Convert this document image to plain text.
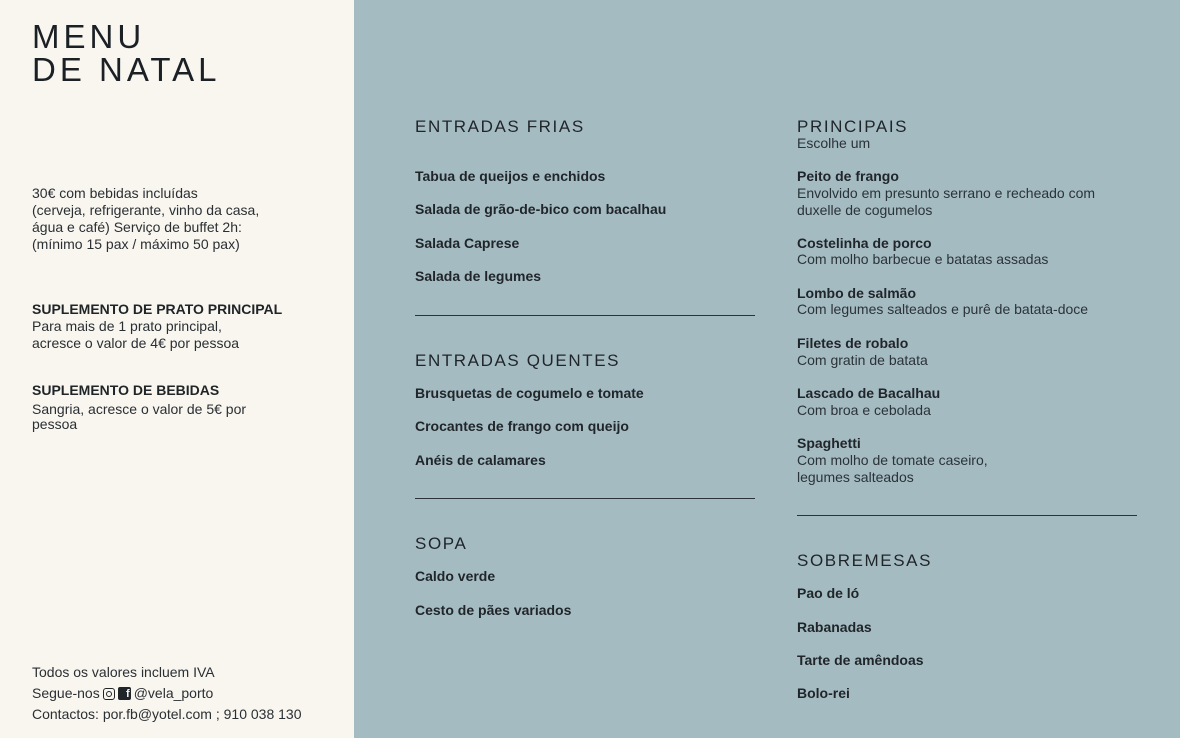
MENU
DE NATAL
30€ com bebidas incluídas
(cerveja, refrigerante, vinho da casa,
água e café) Serviço de buffet 2h:
(mínimo 15 pax / máximo 50 pax)
SUPLEMENTO DE PRATO PRINCIPAL
Para mais de 1 prato principal,
acresce o valor de 4€ por pessoa
SUPLEMENTO DE BEBIDAS
Sangria, acresce o valor de 5€ por
pessoa
Todos os valores incluem IVA
Segue-nos	f @vela_porto
Contactos: por.fb@yotel.com ; 910 038 130
ENTRADAS FRIAS
Tabua de queijos e enchidos
Salada de grão-de-bico com bacalhau
Salada Caprese
Salada de legumes
ENTRADAS QUENTES
Brusquetas de cogumelo e tomate
Crocantes de frango com queijo
Anéis de calamares
SOPA
Caldo verde
Cesto de pães variados
PRINCIPAIS
Escolhe um
Peito de frango
Envolvido em presunto serrano e recheado com
duxelle de cogumelos
Costelinha de porco
Com molho barbecue e batatas assadas
Lombo de salmão
Com legumes salteados e purê de batata-doce
Filetes de robalo
Com gratin de batata
Lascado de Bacalhau
Com broa e cebolada
Spaghetti
Com molho de tomate caseiro,
legumes salteados
SOBREMESAS
Pao de ló
Rabanadas
Tarte de amêndoas
Bolo-rei
